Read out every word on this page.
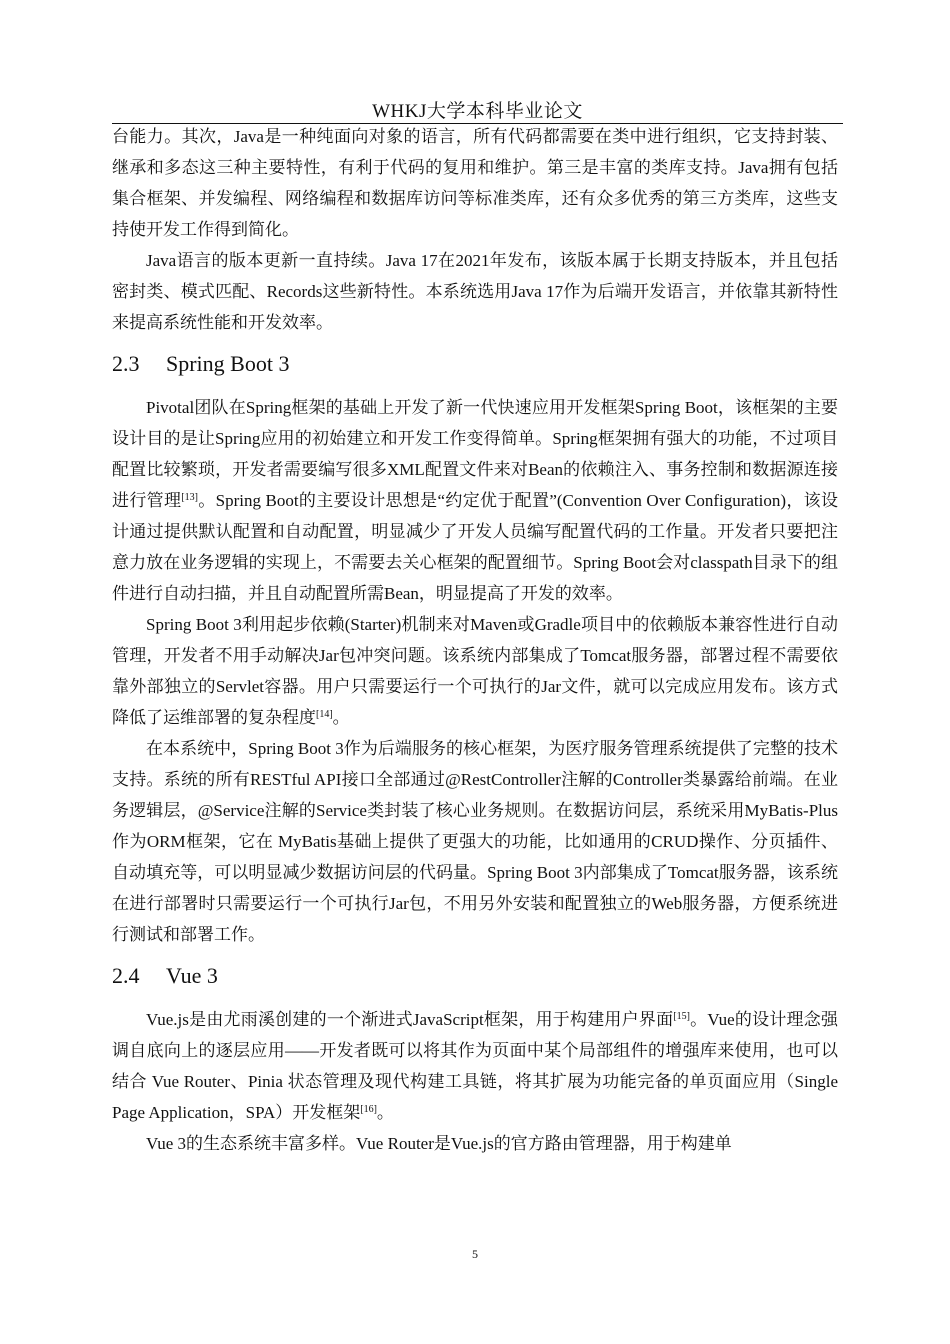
WHKJ大学本科毕业论文

台能力。其次，Java是一种纯面向对象的语言，所有代码都需要在类中进行组织，它支持封装、继承和多态这三种主要特性，有利于代码的复用和维护。第三是丰富的类库支持。Java拥有包括集合框架、并发编程、网络编程和数据库访问等标准类库，还有众多优秀的第三方类库，这些支持使开发工作得到简化。

Java语言的版本更新一直持续。Java 17在2021年发布，该版本属于长期支持版本，并且包括密封类、模式匹配、Records这些新特性。本系统选用Java 17作为后端开发语言，并依靠其新特性来提高系统性能和开发效率。

2.3 Spring Boot 3

Pivotal团队在Spring框架的基础上开发了新一代快速应用开发框架Spring Boot，该框架的主要设计目的是让Spring应用的初始建立和开发工作变得简单。Spring框架拥有强大的功能，不过项目配置比较繁琐，开发者需要编写很多XML配置文件来对Bean的依赖注入、事务控制和数据源连接进行管理[13]。Spring Boot的主要设计思想是“约定优于配置”(Convention Over Configuration)，该设计通过提供默认配置和自动配置，明显减少了开发人员编写配置代码的工作量。开发者只要把注意力放在业务逻辑的实现上，不需要去关心框架的配置细节。Spring Boot会对classpath目录下的组件进行自动扫描，并且自动配置所需Bean，明显提高了开发的效率。

Spring Boot 3利用起步依赖(Starter)机制来对Maven或Gradle项目中的依赖版本兼容性进行自动管理，开发者不用手动解决Jar包冲突问题。该系统内部集成了Tomcat服务器，部署过程不需要依靠外部独立的Servlet容器。用户只需要运行一个可执行的Jar文件，就可以完成应用发布。该方式降低了运维部署的复杂程度[14]。

在本系统中，Spring Boot 3作为后端服务的核心框架，为医疗服务管理系统提供了完整的技术支持。系统的所有RESTful API接口全部通过@RestController注解的Controller类暴露给前端。在业务逻辑层，@Service注解的Service类封装了核心业务规则。在数据访问层，系统采用MyBatis-Plus作为ORM框架，它在 MyBatis基础上提供了更强大的功能，比如通用的CRUD操作、分页插件、自动填充等，可以明显减少数据访问层的代码量。Spring Boot 3内部集成了Tomcat服务器，该系统在进行部署时只需要运行一个可执行Jar包，不用另外安装和配置独立的Web服务器，方便系统进行测试和部署工作。

2.4 Vue 3

Vue.js是由尤雨溪创建的一个渐进式JavaScript框架，用于构建用户界面[15]。Vue的设计理念强调自底向上的逐层应用——开发者既可以将其作为页面中某个局部组件的增强库来使用，也可以结合 Vue Router、Pinia 状态管理及现代构建工具链，将其扩展为功能完备的单页面应用（Single Page Application，SPA）开发框架[16]。

Vue 3的生态系统丰富多样。Vue Router是Vue.js的官方路由管理器，用于构建单

5
